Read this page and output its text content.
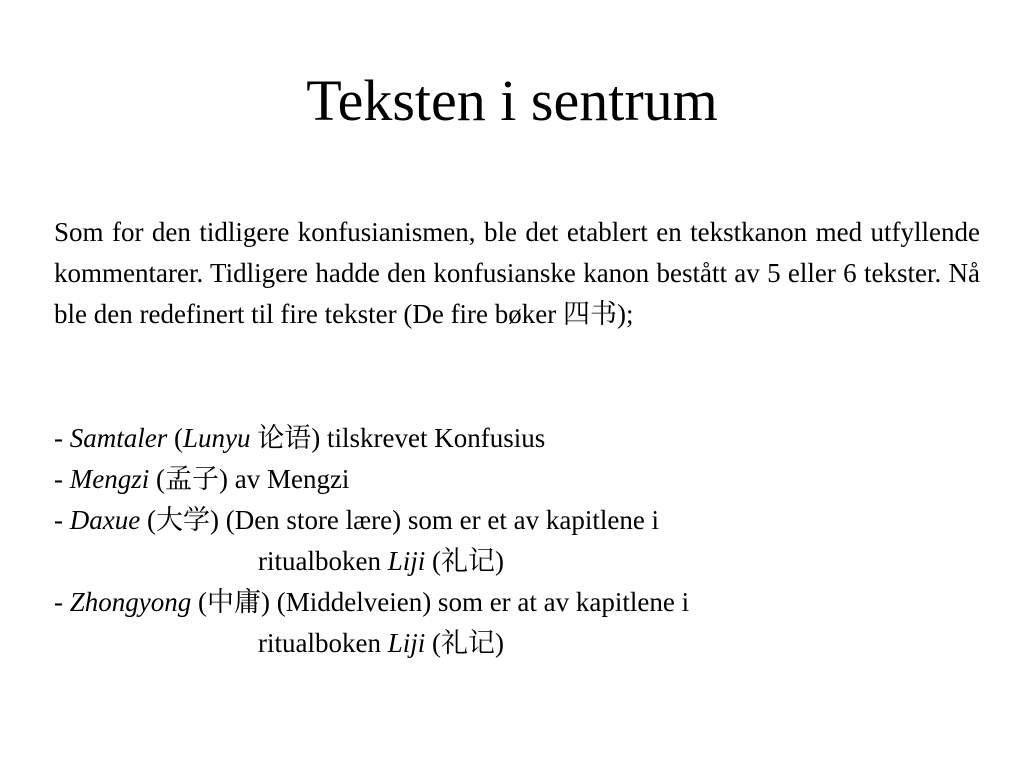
Teksten i sentrum

Som for den tidligere konfusianismen, ble det etablert en tekstkanon med utfyllende kommentarer. Tidligere hadde den konfusianske kanon bestått av 5 eller 6 tekster. Nå ble den redefinert til fire tekster (De fire bøker 四书);

- Samtaler (Lunyu 论语) tilskrevet Konfusius
- Mengzi (孟子) av Mengzi
- Daxue (大学) (Den store lære) som er et av kapitlene i
ritualboken Liji (礼记)
- Zhongyong (中庸) (Middelveien) som er at av kapitlene i
ritualboken Liji (礼记)
